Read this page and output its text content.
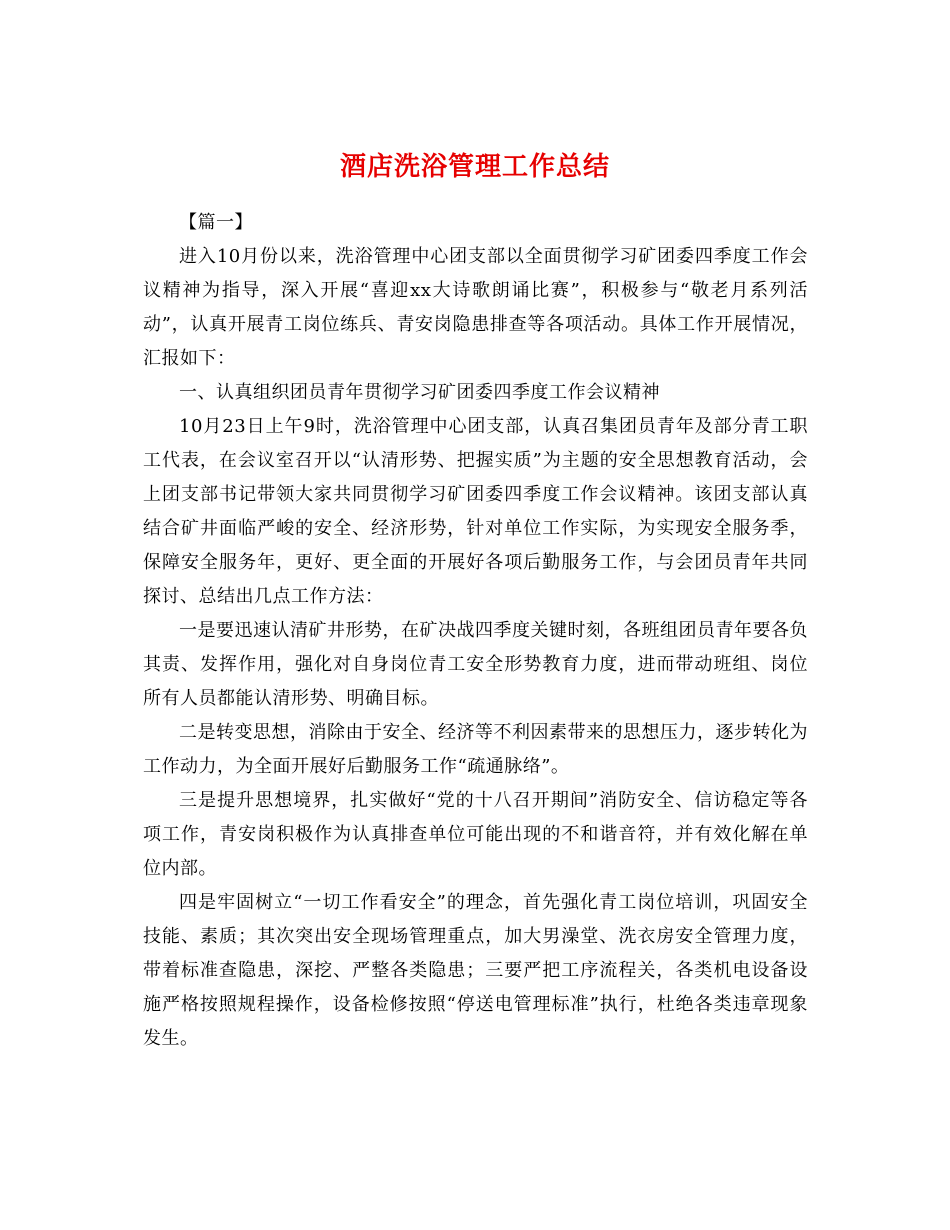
酒店洗浴管理工作总结

【篇一】

进入10月份以来，洗浴管理中心团支部以全面贯彻学习矿团委四季度工作会议精神为指导，深入开展“喜迎xx大诗歌朗诵比赛”，积极参与“敬老月系列活动”，认真开展青工岗位练兵、青安岗隐患排查等各项活动。具体工作开展情况，汇报如下：

一、认真组织团员青年贯彻学习矿团委四季度工作会议精神

10月23日上午9时，洗浴管理中心团支部，认真召集团员青年及部分青工职工代表，在会议室召开以“认清形势、把握实质”为主题的安全思想教育活动，会上团支部书记带领大家共同贯彻学习矿团委四季度工作会议精神。该团支部认真结合矿井面临严峻的安全、经济形势，针对单位工作实际，为实现安全服务季，保障安全服务年，更好、更全面的开展好各项后勤服务工作，与会团员青年共同探讨、总结出几点工作方法：

一是要迅速认清矿井形势，在矿决战四季度关键时刻，各班组团员青年要各负其责、发挥作用，强化对自身岗位青工安全形势教育力度，进而带动班组、岗位所有人员都能认清形势、明确目标。

二是转变思想，消除由于安全、经济等不利因素带来的思想压力，逐步转化为工作动力，为全面开展好后勤服务工作“疏通脉络”。

三是提升思想境界，扎实做好“党的十八召开期间”消防安全、信访稳定等各项工作，青安岗积极作为认真排查单位可能出现的不和谐音符，并有效化解在单位内部。

四是牢固树立“一切工作看安全”的理念，首先强化青工岗位培训，巩固安全技能、素质；其次突出安全现场管理重点，加大男澡堂、洗衣房安全管理力度，带着标准查隐患，深挖、严整各类隐患；三要严把工序流程关，各类机电设备设施严格按照规程操作，设备检修按照“停送电管理标准”执行，杜绝各类违章现象发生。
